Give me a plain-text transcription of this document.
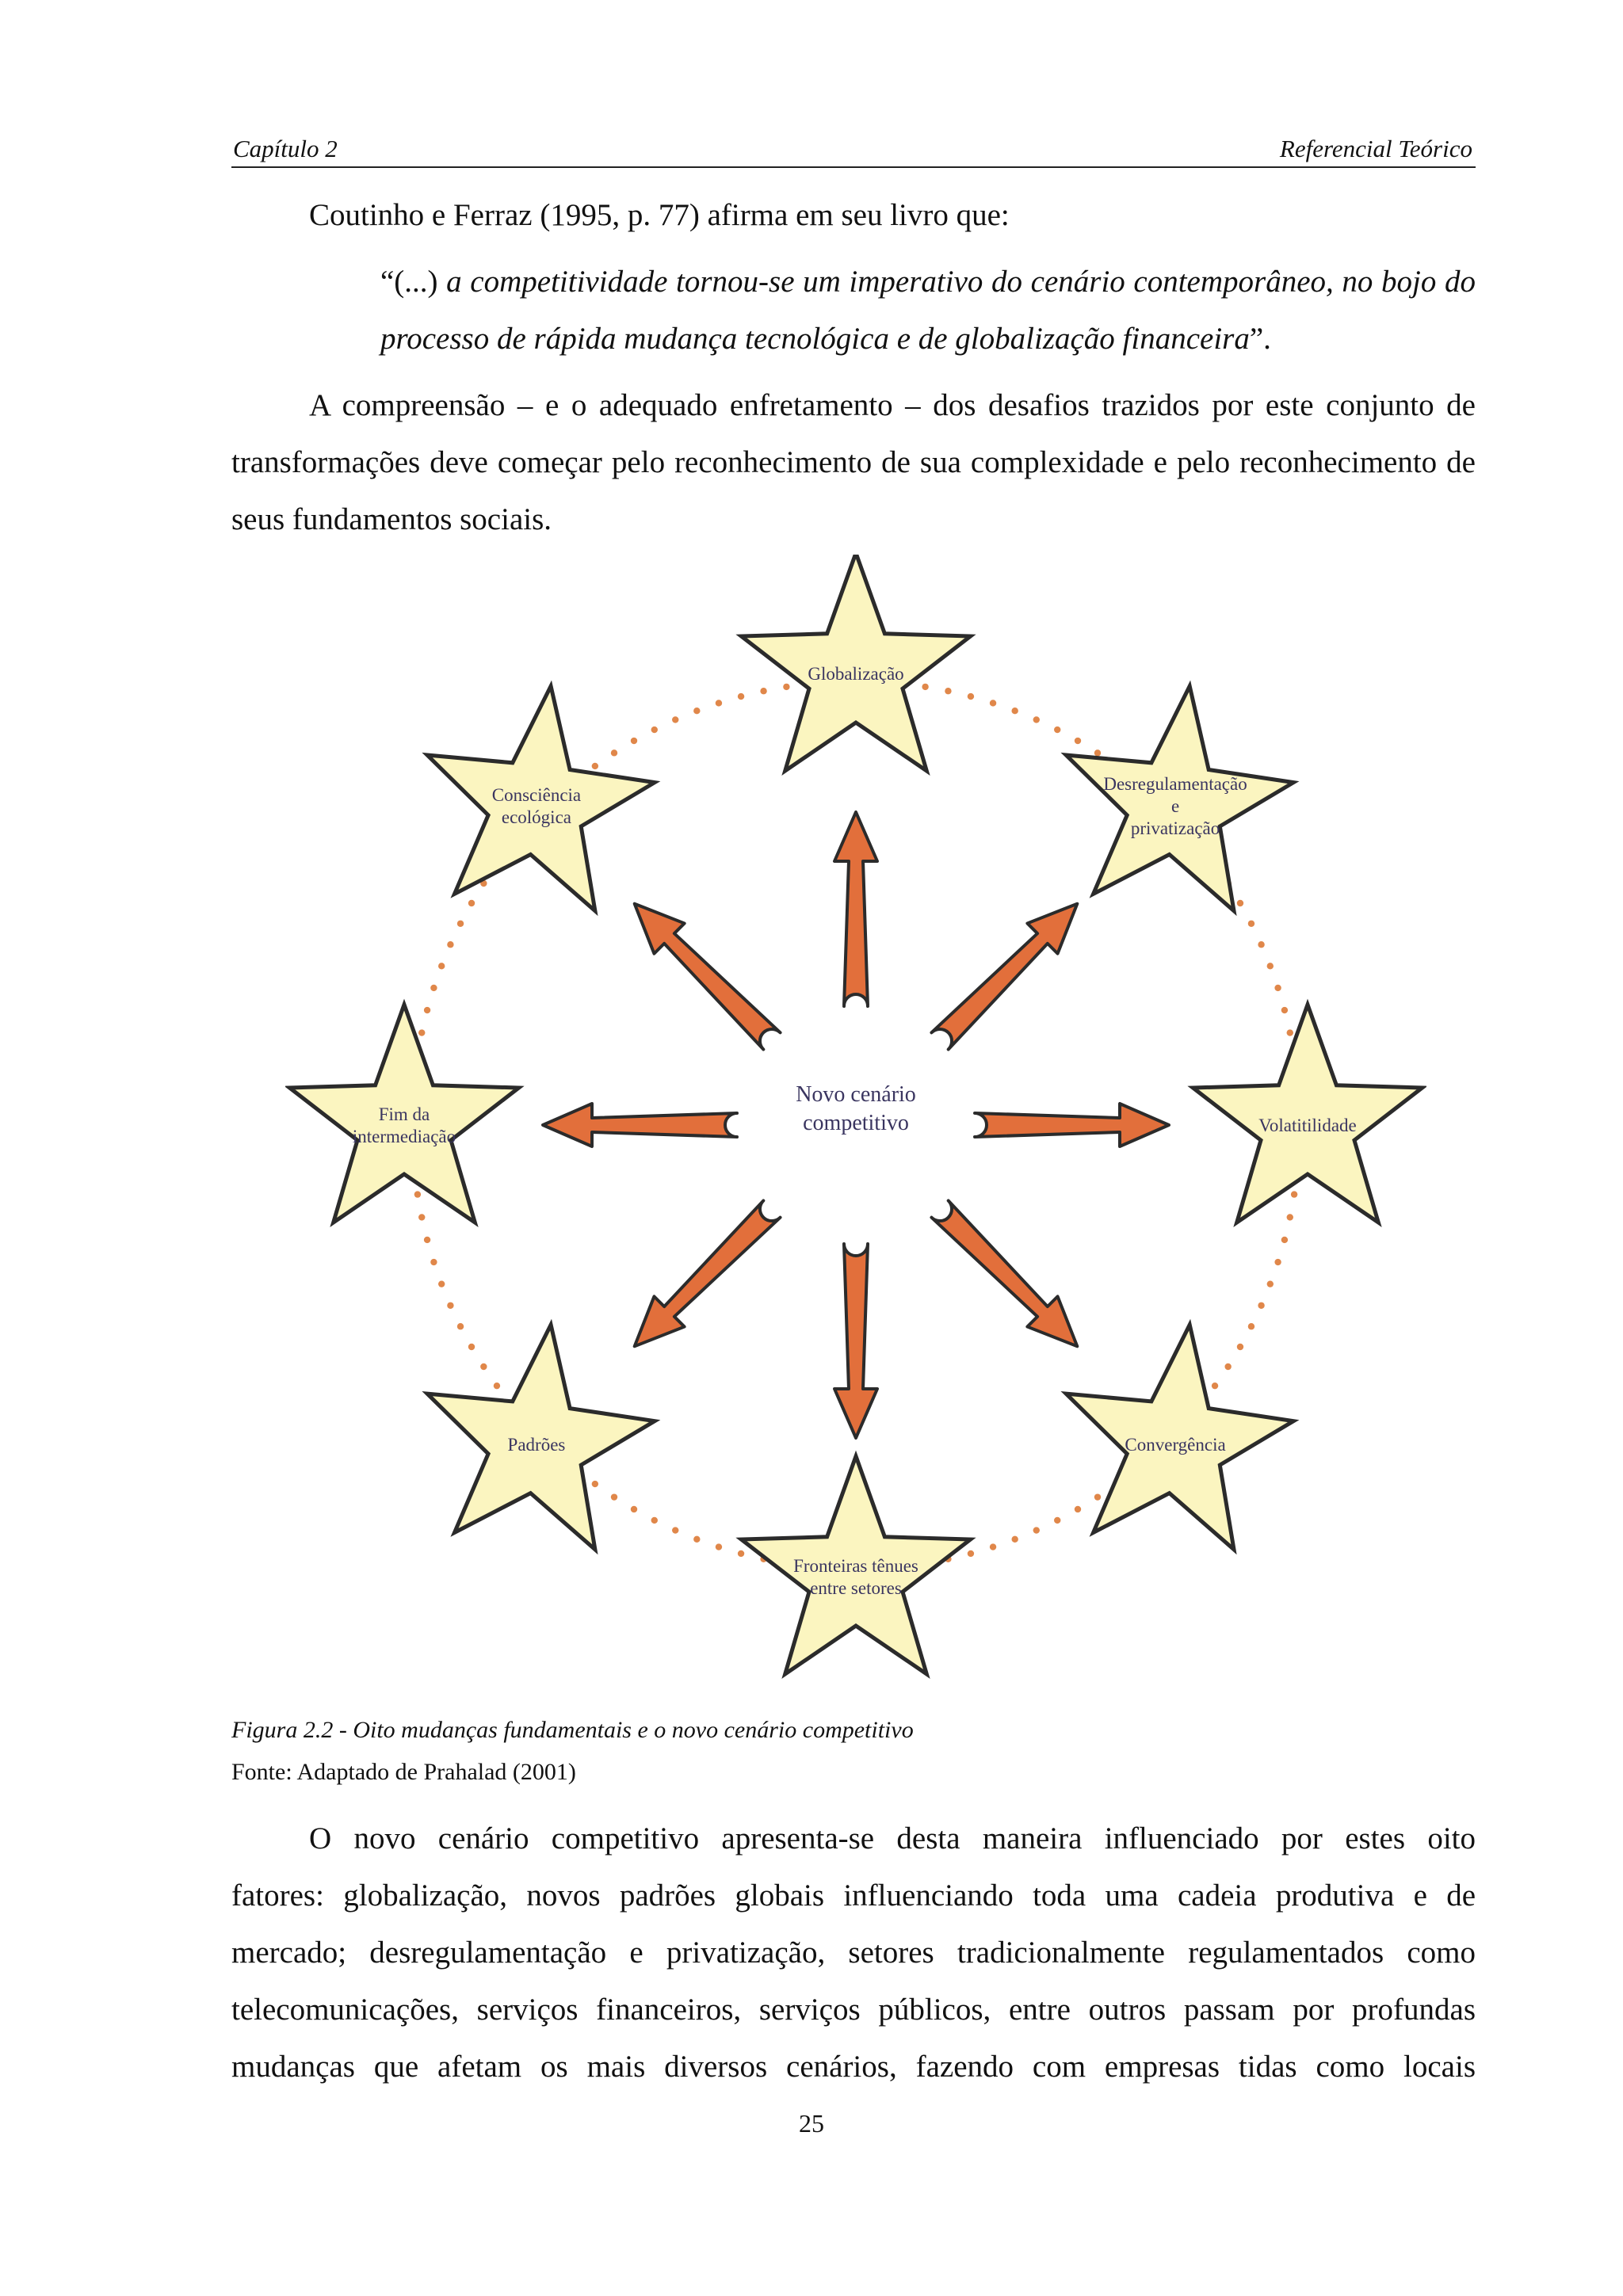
Capítulo 2	Referencial Teórico
Coutinho e Ferraz (1995, p. 77) afirma em seu livro que:
“(...) a competitividade tornou-se um imperativo do cenário contemporâneo, no bojo do processo de rápida mudança tecnológica e de globalização financeira”.
A compreensão – e o adequado enfretamento – dos desafios trazidos por este conjunto de transformações deve começar pelo reconhecimento de sua complexidade e pelo reconhecimento de seus fundamentos sociais.
Globalização
Desregulamentação
e
privatização
Volatitilidade
Convergência
Fronteiras tênues
entre setores
Padrões
Fim da
intermediação
Consciência
ecológica
Novo cenário
competitivo
Figura 2.2 - Oito mudanças fundamentais e o novo cenário competitivo
Fonte: Adaptado de Prahalad (2001)
O novo cenário competitivo apresenta-se desta maneira influenciado por estes oito
fatores: globalização, novos padrões globais influenciando toda uma cadeia produtiva e de
mercado; desregulamentação e privatização, setores tradicionalmente regulamentados como
telecomunicações, serviços financeiros, serviços públicos, entre outros passam por profundas
mudanças que afetam os mais diversos cenários, fazendo com empresas tidas como locais
25
